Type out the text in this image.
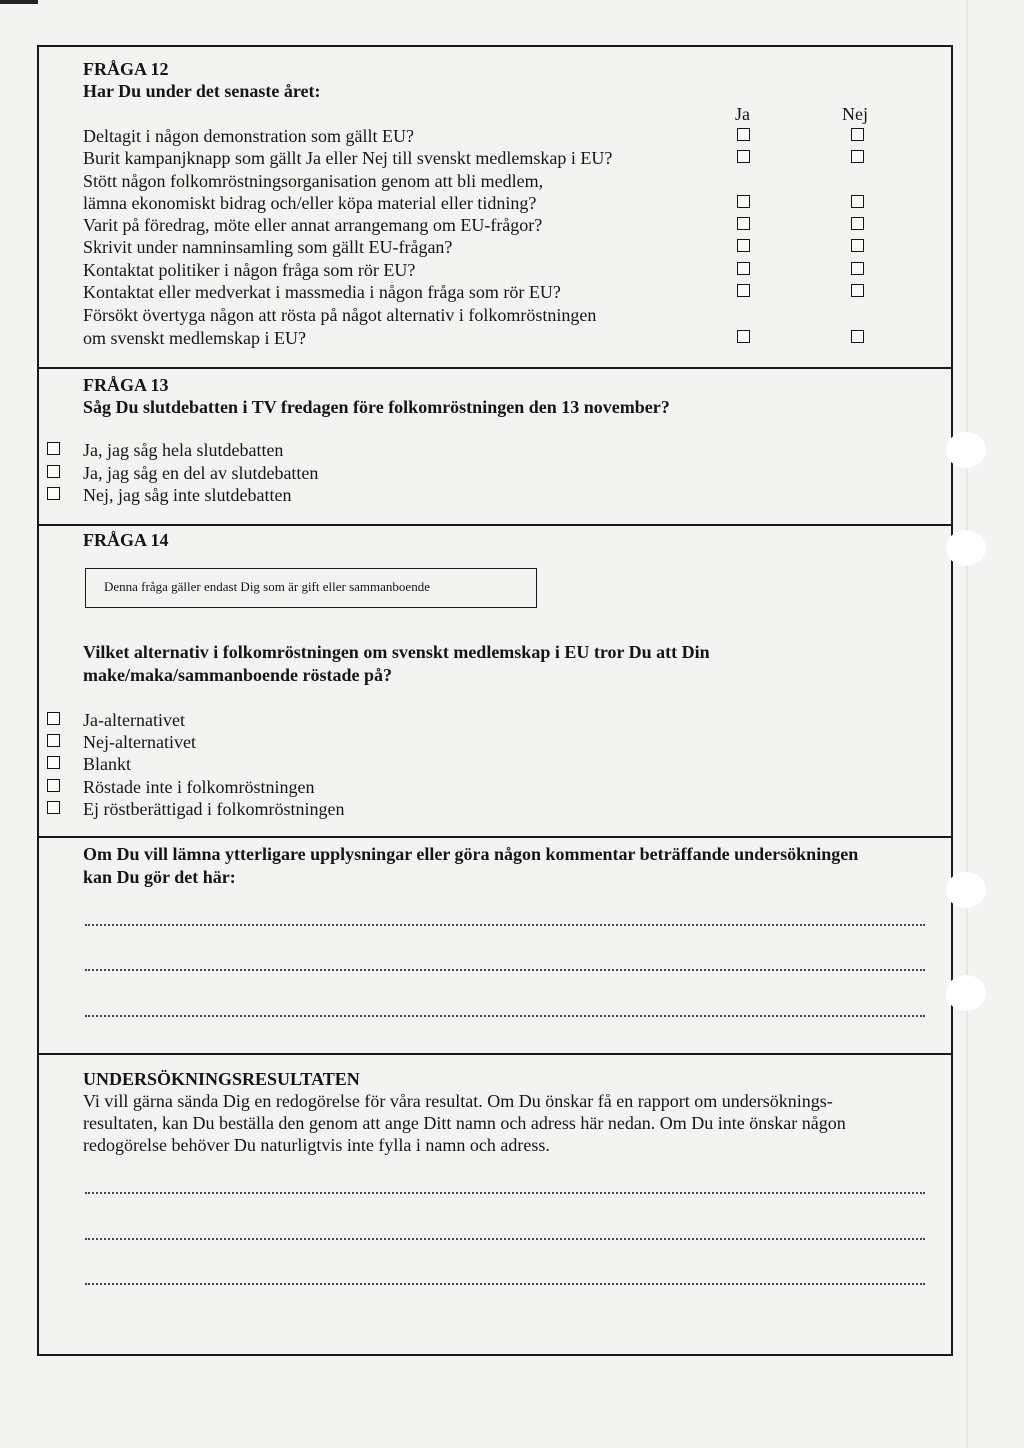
FRÅGA 12
Har Du under det senaste året:
Ja	Nej
Deltagit i någon demonstration som gällt EU?
Burit kampanjknapp som gällt Ja eller Nej till svenskt medlemskap i EU?
Stött någon folkomröstningsorganisation genom att bli medlem,
lämna ekonomiskt bidrag och/eller köpa material eller tidning?
Varit på föredrag, möte eller annat arrangemang om EU-frågor?
Skrivit under namninsamling som gällt EU-frågan?
Kontaktat politiker i någon fråga som rör EU?
Kontaktat eller medverkat i massmedia i någon fråga som rör EU?
Försökt övertyga någon att rösta på något alternativ i folkomröstningen
om svenskt medlemskap i EU?
FRÅGA 13
Såg Du slutdebatten i TV fredagen före folkomröstningen den 13 november?
Ja, jag såg hela slutdebatten
Ja, jag såg en del av slutdebatten
Nej, jag såg inte slutdebatten
FRÅGA 14
Denna fråga gäller endast Dig som är gift eller sammanboende
Vilket alternativ i folkomröstningen om svenskt medlemskap i EU tror Du att Din
make/maka/sammanboende röstade på?
Ja-alternativet
Nej-alternativet
Blankt
Röstade inte i folkomröstningen
Ej röstberättigad i folkomröstningen
Om Du vill lämna ytterligare upplysningar eller göra någon kommentar beträffande undersökningen
kan Du gör det här:
UNDERSÖKNINGSRESULTATEN
Vi vill gärna sända Dig en redogörelse för våra resultat. Om Du önskar få en rapport om undersöknings-
resultaten, kan Du beställa den genom att ange Ditt namn och adress här nedan. Om Du inte önskar någon
redogörelse behöver Du naturligtvis inte fylla i namn och adress.
